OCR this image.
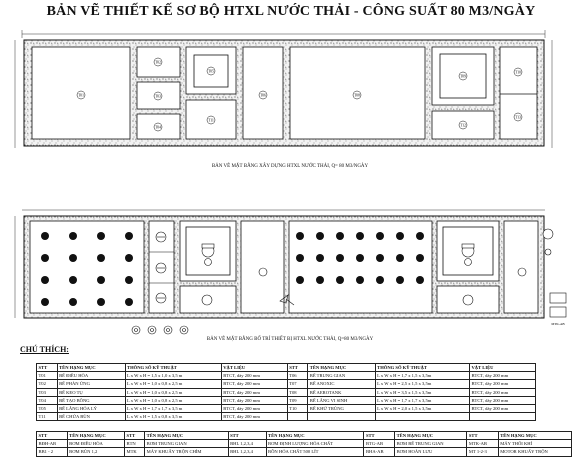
BẢN VẼ THIẾT KẾ SƠ BỘ HTXL NƯỚC THẢI - CÔNG SUẤT 80 M3/NGÀY
T01
T02
T03
T04
T05
T11
T06	T08
T09
T12
T10
T13
MTK-AB
BẢN VẼ MẶT BẰNG XÂY DỰNG HTXL NƯỚC THẢI, Q= 80 M3/NGÀY
BẢN VẼ MẶT BẰNG BỐ TRÍ THIẾT BỊ HTXL NƯỚC THẢI, Q=80 M3/NGÀY
CHÚ THÍCH:
STT	TÊN HẠNG MỤC	THÔNG SỐ KỸ THUẬT	VẬT LIỆU	STT	TÊN HẠNG MỤC	THÔNG SỐ KỸ THUẬT	VẬT LIỆU
T01	BỂ ĐIỀU HÒA	L x W x H = 1,5 x 1,0 x 3,5 m	BTCT, dày 200 mm	T06	BỂ TRUNG GIAN	L x W x H = 1,7 x 1,5 x 3,5m	BTCT, dày 200 mm
T02	BỂ PHẢN ỨNG	L x W x H = 1,0 x 0,8 x 2,5 m	BTCT, dày 200 mm	T07	BỂ ANOXIC	L x W x H = 2,5 x 1,5 x 3,5m	BTCT, dày 200 mm
T03	BỂ KEO TỤ	L x W x H = 1,0 x 0,8 x 2,5 m	BTCT, dày 200 mm	T08	BỂ AEROTANK	L x W x H = 3,5 x 1,5 x 3,5m	BTCT, dày 200 mm
T04	BỂ TẠO BÔNG	L x W x H = 1,0 x 0,8 x 2,5 m	BTCT, dày 200 mm	T09	BỂ LẮNG VI SINH	L x W x H = 1,7 x 1,7 x 3,5m	BTCT, dày 200 mm
T05	BỂ LẮNG HÓA LÝ	L x W x H = 1,7 x 1,7 x 3,5 m	BTCT, dày 200 mm	T10	BỂ KHỬ TRÙNG	L x W x H = 2,0 x 1,5 x 3,5m	BTCT, dày 200 mm
T11	BỂ CHỨA BÙN	L x W x H = 1,5 x 0,8 x 3,5 m	BTCT, dày 200 mm				
STT	TÊN HẠNG MỤC	STT	TÊN HẠNG MỤC	STT	TÊN HẠNG MỤC	STT	TÊN HẠNG MỤC	STT	TÊN HẠNG MỤC
BĐH-AB	BƠM ĐIỀU HÒA	BTN	BƠM TRUNG GIAN	BHL 1,2,3,4	BƠM ĐỊNH LƯỢNG HÓA CHẤT	BTG-AB	BƠM BỂ TRUNG GIAN	MTK-AB	MÁY THỔI KHÍ
BB1 - 2	BƠM BÙN 1,2	MTK	MÁY KHUẤY TRỘN CHÌM	BHL 1,2,3,4	BỒN HÓA CHẤT 500 LÍT	BHA-AB	BƠM HOÀN LƯU	MT 1-2-3	MOTOR KHUẤY TRỘN
